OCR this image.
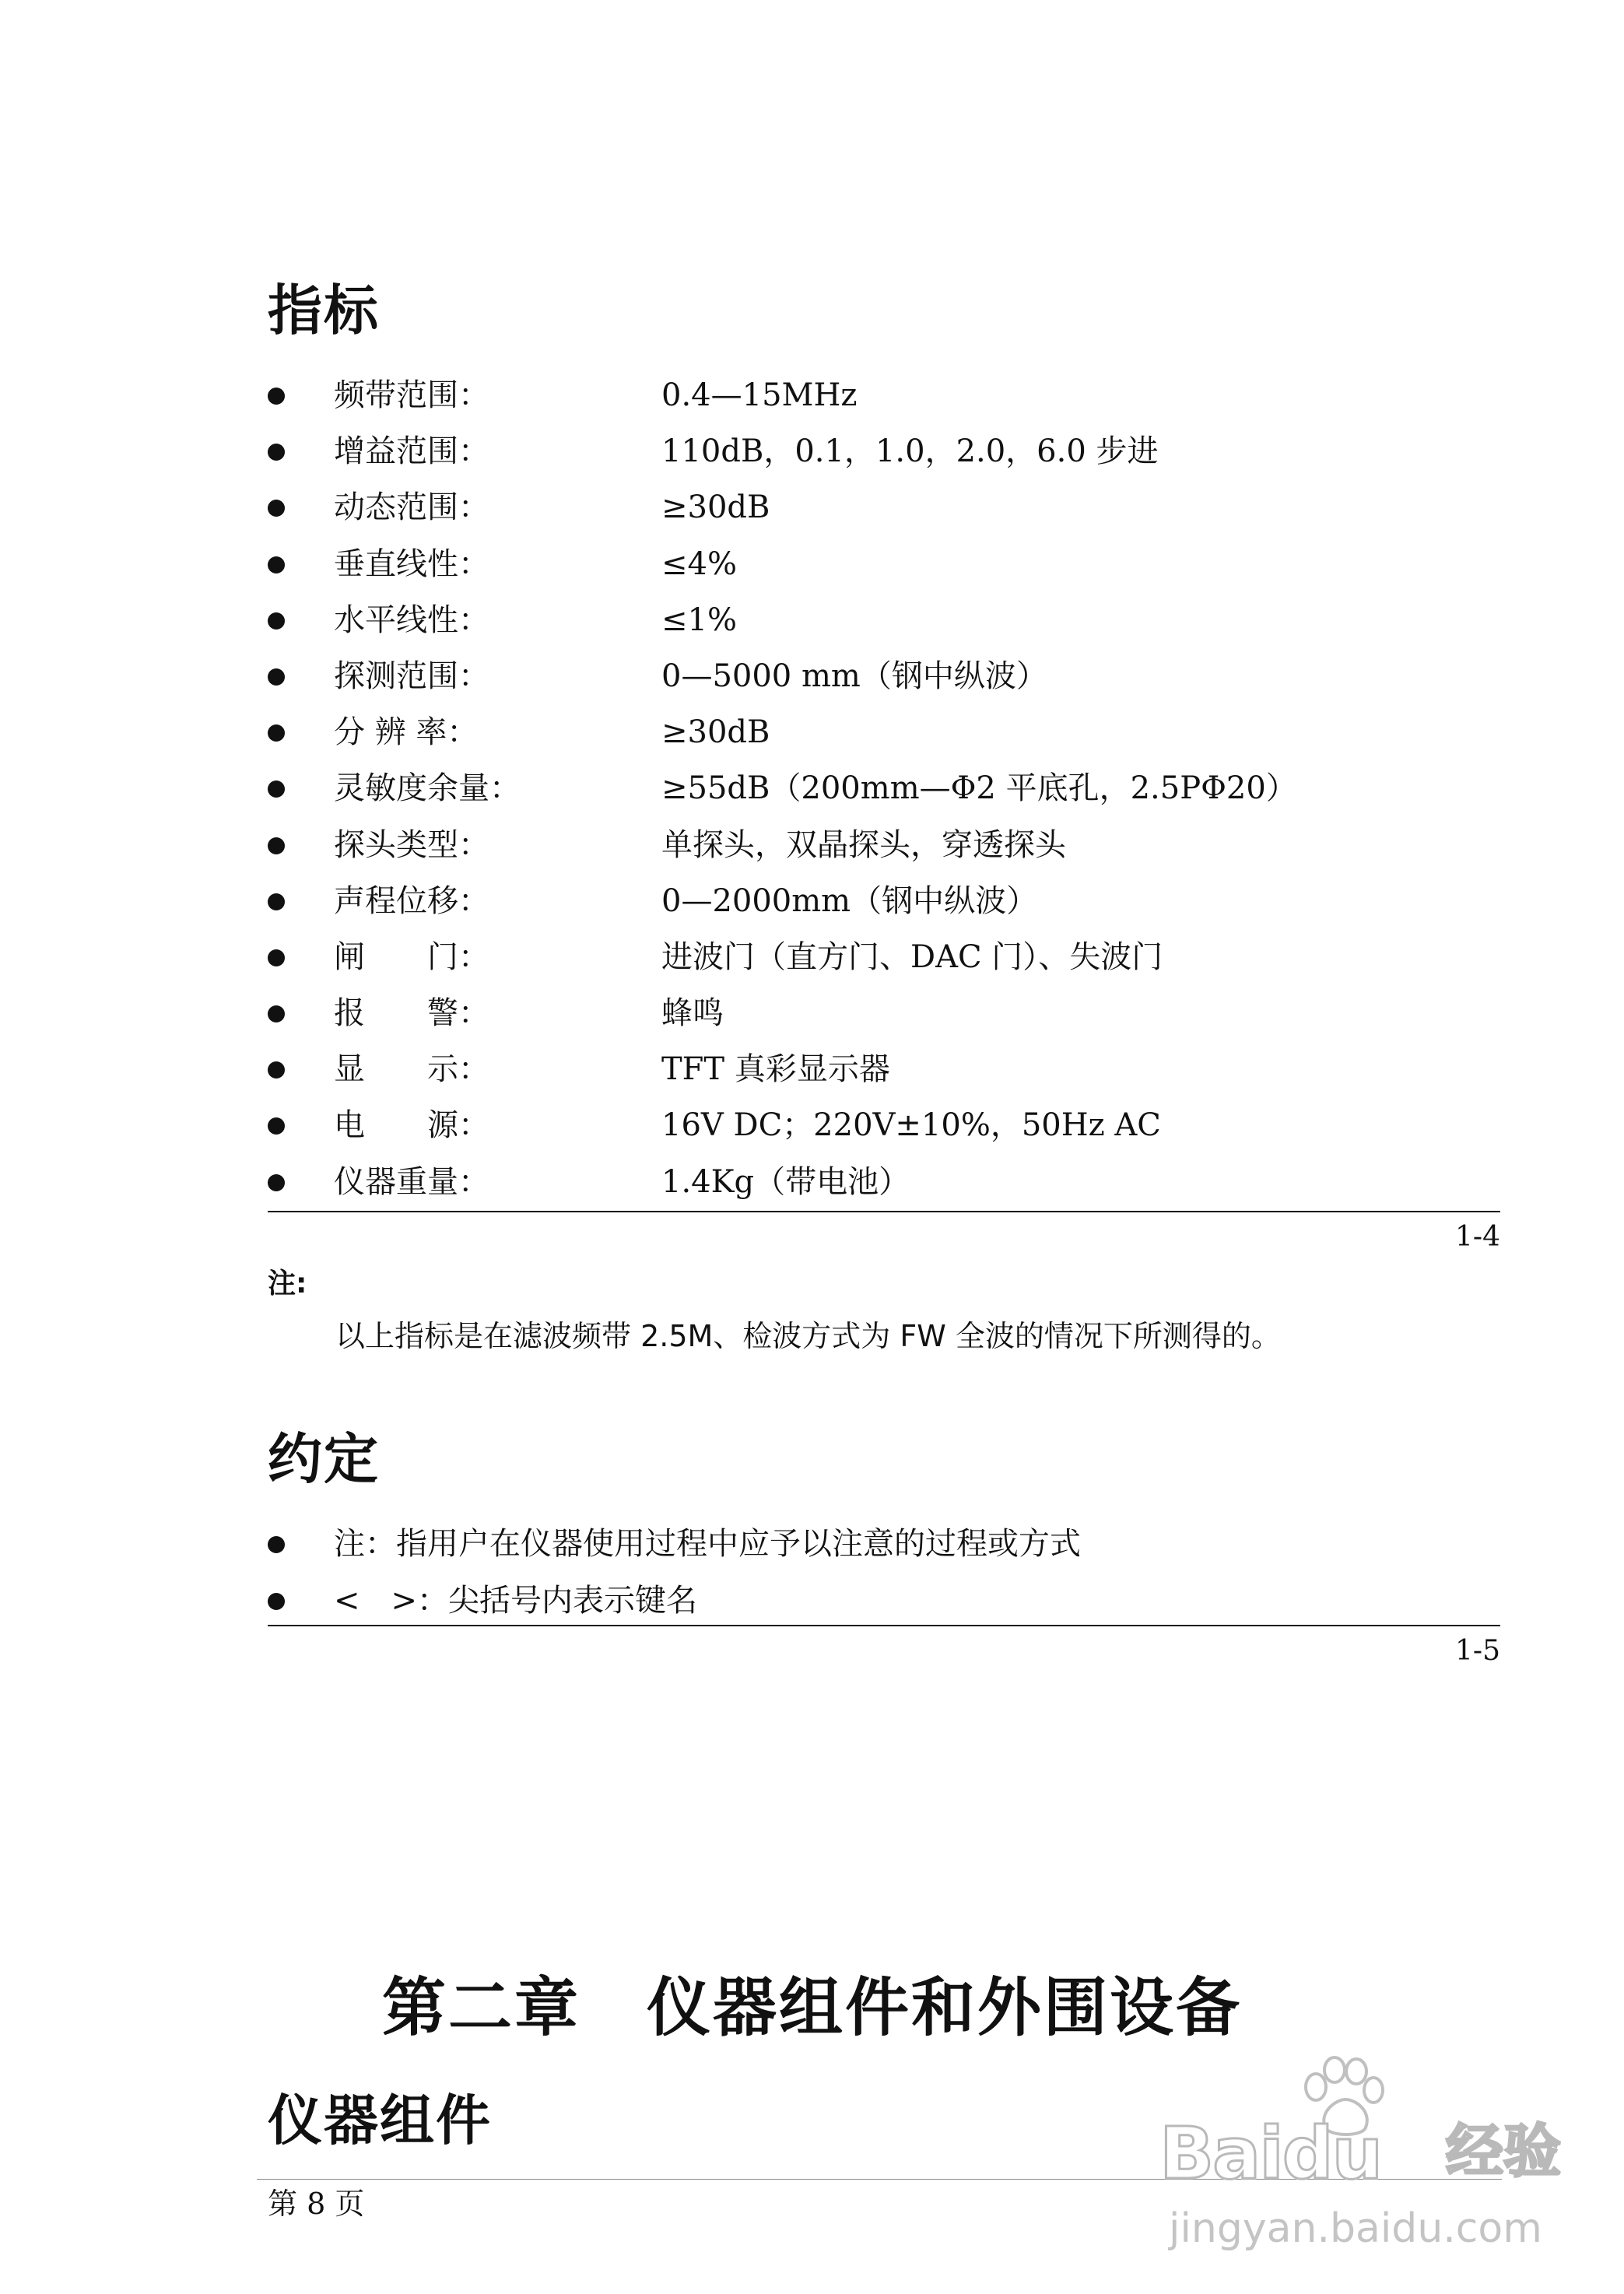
指标
频带范围：	0.4—15MHz
增益范围：	110dB，0.1，1.0，2.0，6.0 步进
动态范围：	≥30dB
垂直线性：	≤4%
水平线性：	≤1%
探测范围：	0—5000 mm（钢中纵波）
分 辨 率：	≥30dB
灵敏度余量：	≥55dB（200mm—Φ2 平底孔，2.5PΦ20）
探头类型：	单探头，双晶探头，穿透探头
声程位移：	0—2000mm（钢中纵波）
闸　　门：	进波门（直方门、DAC 门）、失波门
报　　警：	蜂鸣
显　　示：	TFT 真彩显示器
电　　源：	16V DC；220V±10%，50Hz AC
仪器重量：	1.4Kg（带电池）
1-4
注:
以上指标是在滤波频带 2.5M、检波方式为 FW 全波的情况下所测得的。
约定
注：指用户在仪器使用过程中应予以注意的过程或方式
<　>：尖括号内表示键名
1-5
第二章　仪器组件和外围设备
仪器组件
第 8 页
Baidu 经验
jingyan.baidu.com
